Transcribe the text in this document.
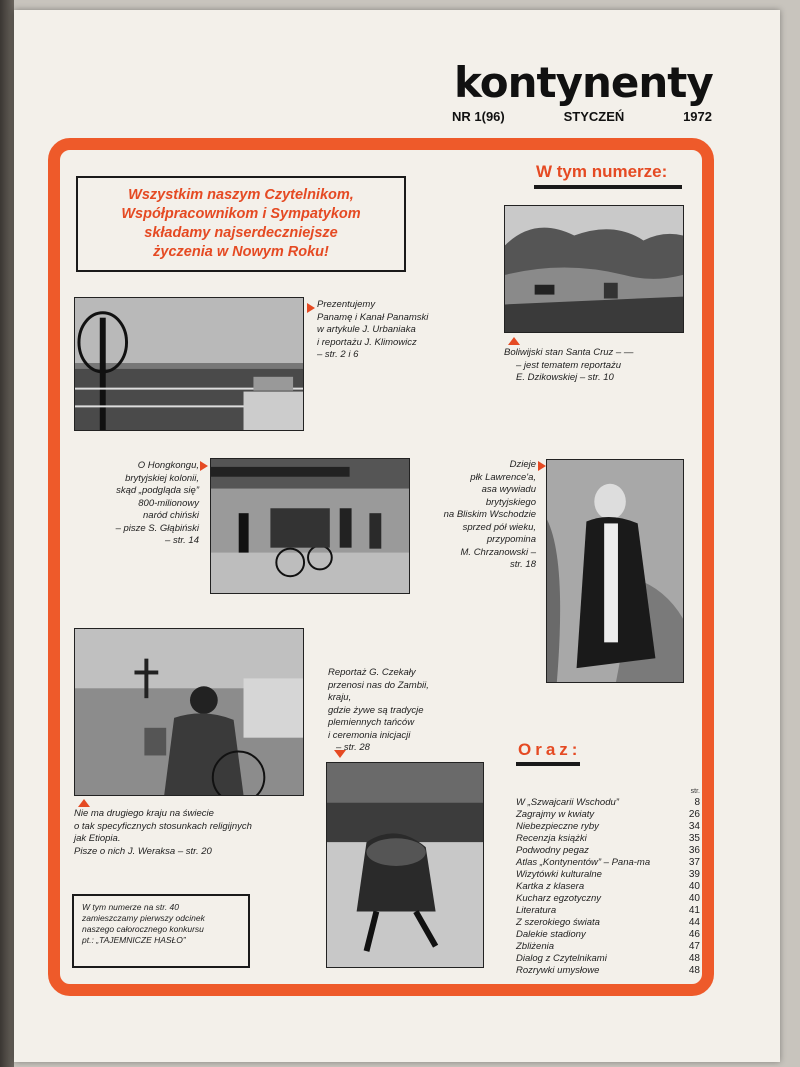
kontynenty
NR 1(96)	STYCZEŃ	1972
Wszystkim naszym Czytelnikom,
Współpracownikom i Sympatykom
składamy najserdeczniejsze
życzenia w Nowym Roku!
W tym numerze:
Prezentujemy
Panamę i Kanał Panamski
w artykule J. Urbaniaka
i reportażu J. Klimowicz
– str. 2 i 6	Boliwijski stan Santa Cruz – —
– jest tematem reportażu
E. Dzikowskiej – str. 10
O Hongkongu,
brytyjskiej kolonii,
skąd „podgląda się”
800-milionowy
naród chiński
– pisze S. Głąbiński
– str. 14
Dzieje
płk Lawrence'a,
asa wywiadu
brytyjskiego
na Bliskim Wschodzie
sprzed pół wieku,
przypomina
M. Chrzanowski –
str. 18
Nie ma drugiego kraju na świecie
o tak specyficznych stosunkach religijnych
jak Etiopia.
Pisze o nich J. Weraksa – str. 20
Reportaż G. Czekały
przenosi nas do Zambii,
kraju,
gdzie żywe są tradycje
plemiennych tańców
i ceremonia inicjacji
– str. 28
W tym numerze na str. 40
zamieszczamy pierwszy odcinek
naszego całorocznego konkursu
pt.: „TAJEMNICZE HASŁO”
Oraz:
str.
W „Szwajcarii Wschodu”	8
Zagrajmy w kwiaty	26
Niebezpieczne ryby	34
Recenzja książki	35
Podwodny pegaz	36
Atlas „Kontynentów” – Pana-ma	37
Wizytówki kulturalne	39
Kartka z klasera	40
Kucharz egzotyczny	40
Literatura	41
Z szerokiego świata	44
Dalekie stadiony	46
Zbliżenia	47
Dialog z Czytelnikami	48
Rozrywki umysłowe	48
